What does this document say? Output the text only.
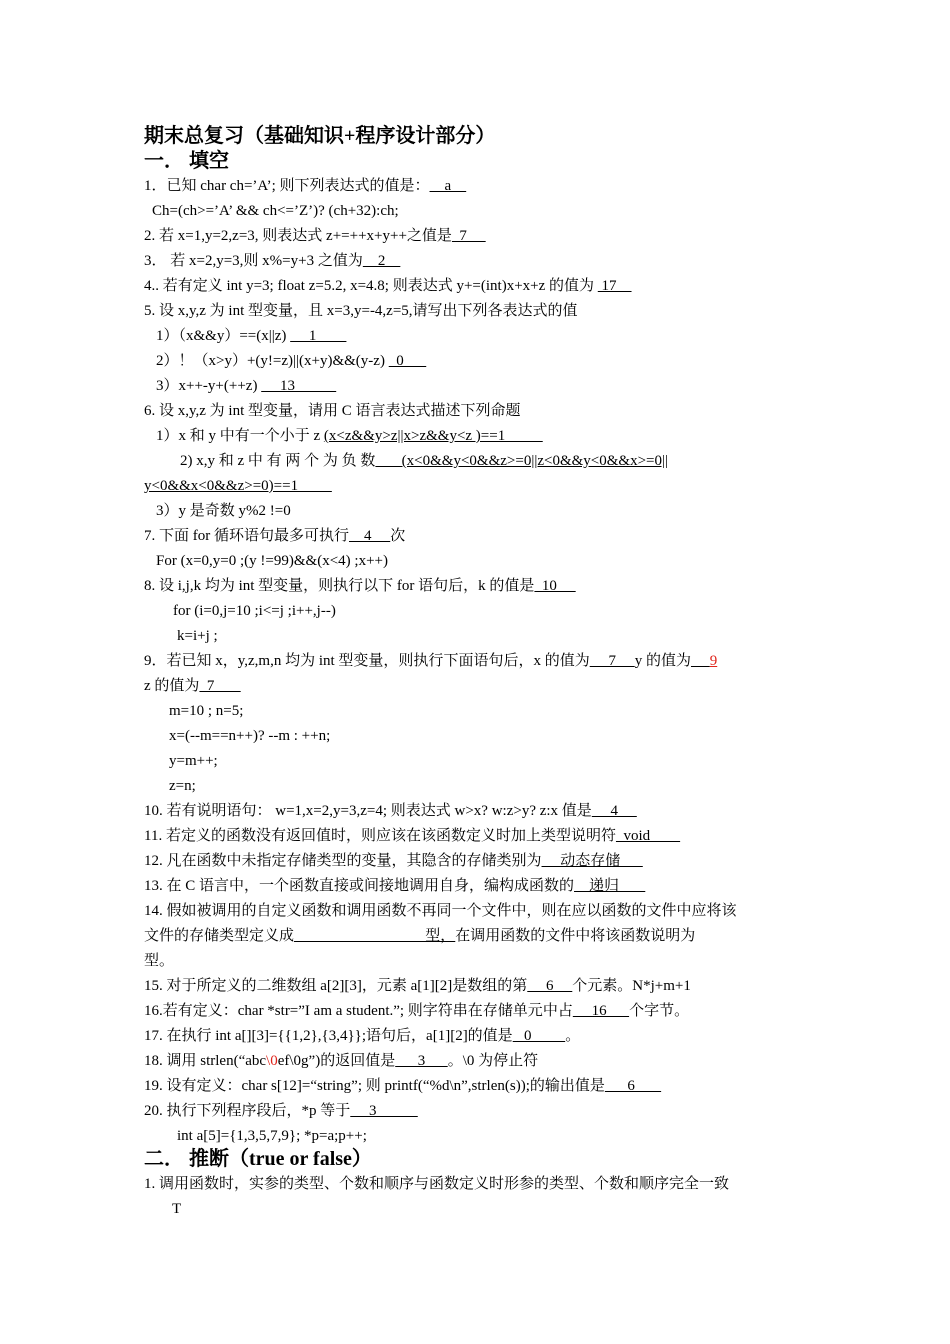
期末总复习（基础知识+程序设计部分）
一． 填空
1．已知 char ch=’A’; 则下列表达式的值是：    a
Ch=(ch>=’A’ && ch<=’Z’)? (ch+32):ch;
2. 若 x=1,y=2,z=3, 则表达式 z+=++x+y++之值是  7
3． 若 x=2,y=3,则 x%=y+3 之值为    2
4.. 若有定义 int y=3; float z=5.2, x=4.8; 则表达式 y+=(int)x+x+z 的值为  17
5. 设 x,y,z 为 int 型变量，且 x=3,y=-4,z=5,请写出下列各表达式的值
1）（x&&y）==(x||z)      1
2）！（x>y）+(y!=z)||(x+y)&&(y-z)   0
3）x++-y+(++z)      13
6. 设 x,y,z 为 int 型变量，请用 C 语言表达式描述下列命题
1）x 和 y 中有一个小于 z (x<z&&y>z||x>z&&y<z )==1
2) x,y 和 z 中 有 两 个 为 负 数       (x<0&&y<0&&z>=0||z<0&&y<0&&x>=0||
y<0&&x<0&&z>=0)==1
3）y 是奇数 y%2 !=0
7. 下面 for 循环语句最多可执行    4     次
For (x=0,y=0 ;(y !=99)&&(x<4) ;x++)
8. 设 i,j,k 均为 int 型变量，则执行以下 for 语句后，k 的值是  10
for (i=0,j=10 ;i<=j ;i++,j--)
k=i+j ;
9．若已知 x，y,z,m,n 均为 int 型变量，则执行下面语句后，x 的值为     7     y 的值为 9
z 的值为  7
m=10 ; n=5;
x=(--m==n++)? --m : ++n;
y=m++;
z=n;
10. 若有说明语句： w=1,x=2,y=3,z=4; 则表达式 w>x? w:z>y? z:x 值是     4
11. 若定义的函数没有返回值时，则应该在该函数定义时加上类型说明符  void
12. 凡在函数中未指定存储类型的变量，其隐含的存储类别为     动态存储
13. 在 C 语言中，一个函数直接或间接地调用自身，编构成函数的    递归
14. 假如被调用的自定义函数和调用函数不再同一个文件中，则在应以函数的文件中应将该
文件的存储类型定义成                                   型，在调用函数的文件中将该函数说明为
型。
15. 对于所定义的二维数组 a[2][3]，元素 a[1][2]是数组的第     6     个元素。N*j+m+1
16.若有定义：char *str=”I am a student.”; 则字符串在存储单元中占     16      个字节。
17. 在执行 int a[][3]={{1,2},{3,4}};语句后，a[1][2]的值是   0         。
18. 调用 strlen(“abc\0ef\0g”)的返回值是      3      。\0 为停止符
19. 设有定义：char s[12]=“string”; 则 printf(“%d\n”,strlen(s));的输出值是      6
20. 执行下列程序段后，*p 等于     3
int a[5]={1,3,5,7,9}; *p=a;p++;
二． 推断（true or false）
1. 调用函数时，实参的类型、个数和顺序与函数定义时形参的类型、个数和顺序完全一致
T
